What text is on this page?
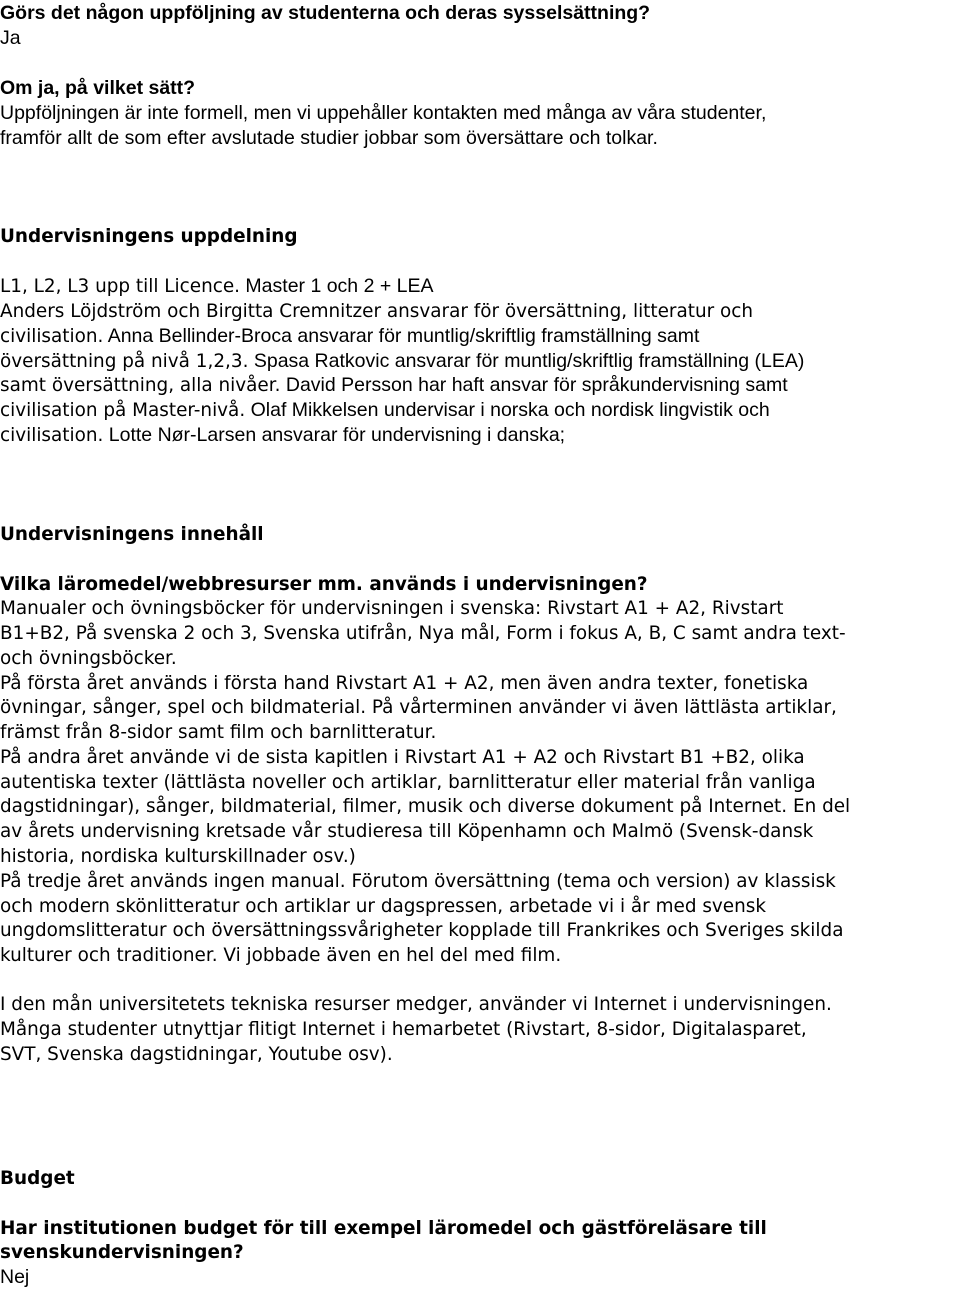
Görs det någon uppföljning av studenterna och deras sysselsättning?
Ja
Om ja, på vilket sätt?
Uppföljningen är inte formell, men vi uppehåller kontakten med många av våra studenter,
framför allt de som efter avslutade studier jobbar som översättare och tolkar.
Undervisningens uppdelning
L1, L2, L3 upp till Licence. Master 1 och 2 + LEA
Anders Löjdström och Birgitta Cremnitzer ansvarar för översättning, litteratur och
civilisation. Anna Bellinder-Broca ansvarar för muntlig/skriftlig framställning samt
översättning på nivå 1,2,3. Spasa Ratkovic ansvarar för muntlig/skriftlig framställning (LEA)
samt översättning, alla nivåer. David Persson har haft ansvar för språkundervisning samt
civilisation på Master-nivå. Olaf Mikkelsen undervisar i norska och nordisk lingvistik och
civilisation. Lotte Nør-Larsen ansvarar för undervisning i danska;
Undervisningens innehåll
Vilka läromedel/webbresurser mm. används i undervisningen?
Manualer och övningsböcker för undervisningen i svenska: Rivstart A1 + A2, Rivstart
B1+B2, På svenska 2 och 3, Svenska utifrån, Nya mål, Form i fokus A, B, C samt andra text-
och övningsböcker.
På första året används i första hand Rivstart A1 + A2, men även andra texter, fonetiska
övningar, sånger, spel och bildmaterial. På vårterminen använder vi även lättlästa artiklar,
främst från 8-sidor samt film och barnlitteratur.
På andra året använde vi de sista kapitlen i Rivstart A1 + A2 och Rivstart B1 +B2, olika
autentiska texter (lättlästa noveller och artiklar, barnlitteratur eller material från vanliga
dagstidningar), sånger, bildmaterial, filmer, musik och diverse dokument på Internet. En del
av årets undervisning kretsade vår studieresa till Köpenhamn och Malmö (Svensk-dansk
historia, nordiska kulturskillnader osv.)
På tredje året används ingen manual. Förutom översättning (tema och version) av klassisk
och modern skönlitteratur och artiklar ur dagspressen, arbetade vi i år med svensk
ungdomslitteratur och översättningssvårigheter kopplade till Frankrikes och Sveriges skilda
kulturer och traditioner. Vi jobbade även en hel del med film.
I den mån universitetets tekniska resurser medger, använder vi Internet i undervisningen.
Många studenter utnyttjar flitigt Internet i hemarbetet (Rivstart, 8-sidor, Digitalasparet,
SVT, Svenska dagstidningar, Youtube osv).
Budget
Har institutionen budget för till exempel läromedel och gästföreläsare till
svenskundervisningen?
Nej
